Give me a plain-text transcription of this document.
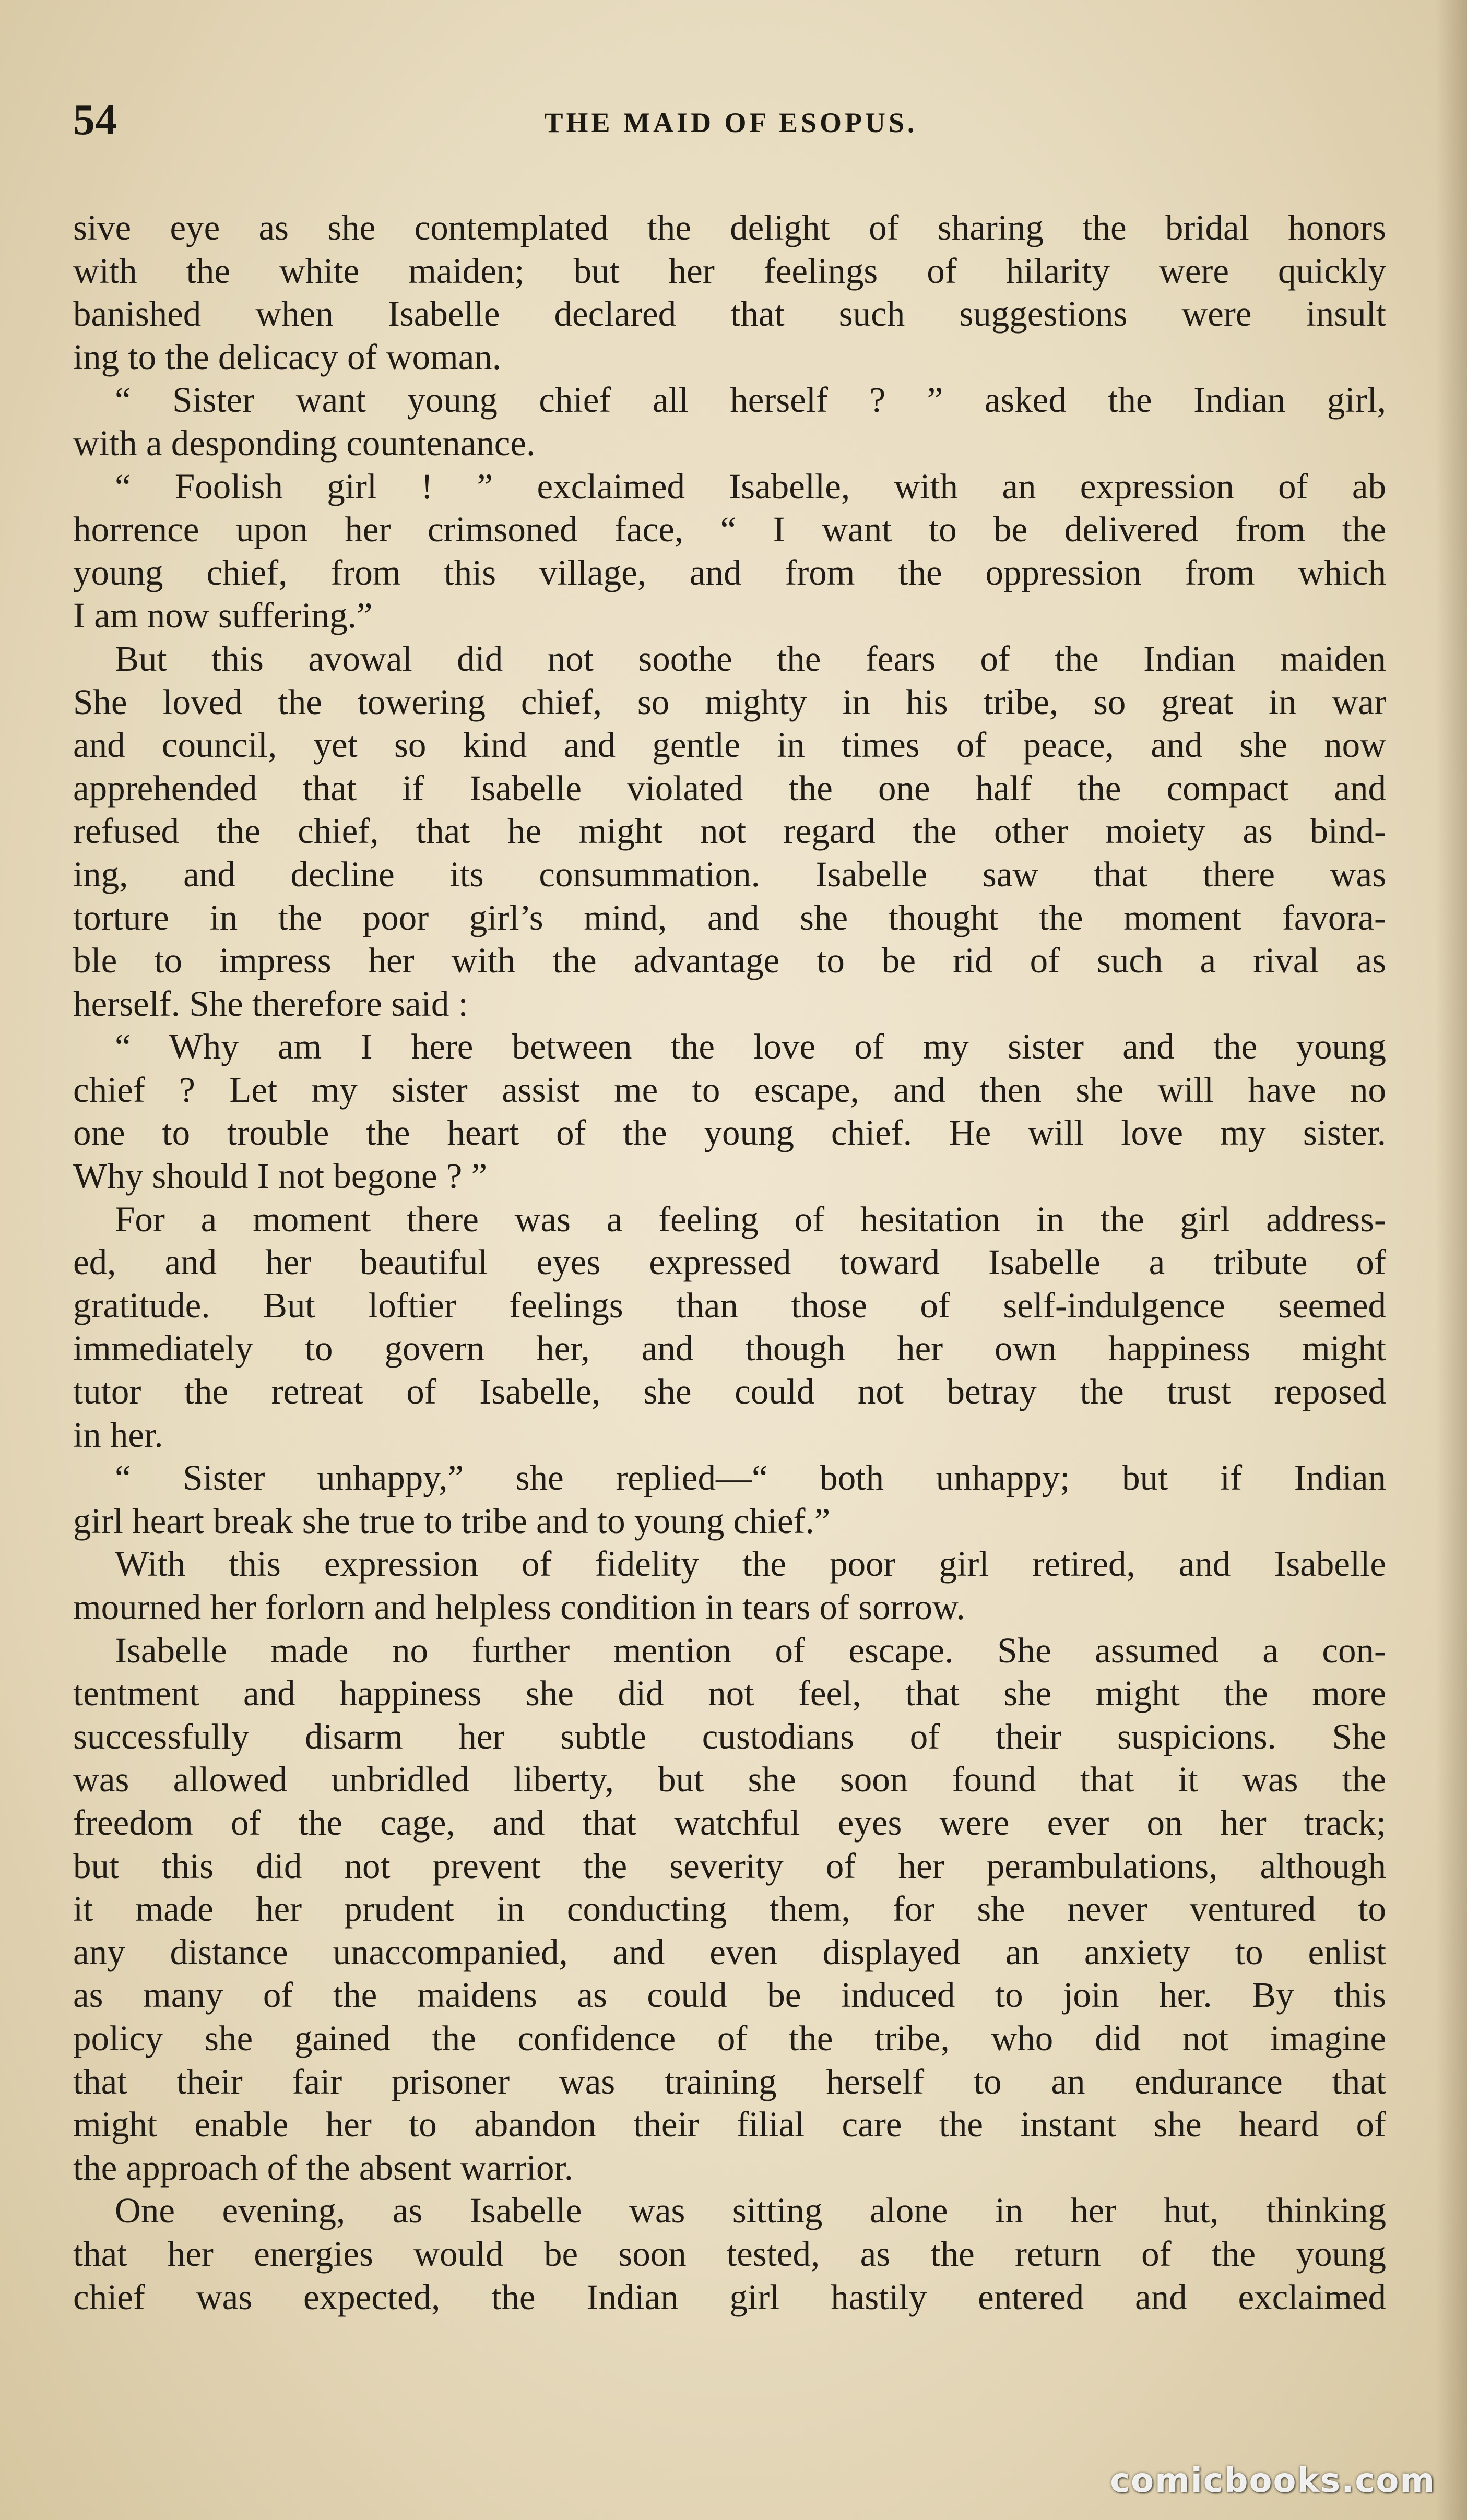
54	THE MAID OF ESOPUS.
sive eye as she contemplated the delight of sharing the bridal honors
with the white maiden; but her feelings of hilarity were quickly
banished when Isabelle declared that such suggestions were insult
ing to the delicacy of woman.
“ Sister want young chief all herself ? ” asked the Indian girl,
with a desponding countenance.
“ Foolish girl ! ” exclaimed Isabelle, with an expression of ab
horrence upon her crimsoned face, “ I want to be delivered from the
young chief, from this village, and from the oppression from which
I am now suffering.”
But this avowal did not soothe the fears of the Indian maiden
She loved the towering chief, so mighty in his tribe, so great in war
and council, yet so kind and gentle in times of peace, and she now
apprehended that if Isabelle violated the one half the compact and
refused the chief, that he might not regard the other moiety as bind-
ing, and decline its consummation. Isabelle saw that there was
torture in the poor girl’s mind, and she thought the moment favora-
ble to impress her with the advantage to be rid of such a rival as
herself. She therefore said :
“ Why am I here between the love of my sister and the young
chief ? Let my sister assist me to escape, and then she will have no
one to trouble the heart of the young chief. He will love my sister.
Why should I not begone ? ”
For a moment there was a feeling of hesitation in the girl address-
ed, and her beautiful eyes expressed toward Isabelle a tribute of
gratitude. But loftier feelings than those of self-indulgence seemed
immediately to govern her, and though her own happiness might
tutor the retreat of Isabelle, she could not betray the trust reposed
in her.
“ Sister unhappy,” she replied—“ both unhappy; but if Indian
girl heart break she true to tribe and to young chief.”
With this expression of fidelity the poor girl retired, and Isabelle
mourned her forlorn and helpless condition in tears of sorrow.
Isabelle made no further mention of escape. She assumed a con-
tentment and happiness she did not feel, that she might the more
successfully disarm her subtle custodians of their suspicions. She
was allowed unbridled liberty, but she soon found that it was the
freedom of the cage, and that watchful eyes were ever on her track;
but this did not prevent the severity of her perambulations, although
it made her prudent in conducting them, for she never ventured to
any distance unaccompanied, and even displayed an anxiety to enlist
as many of the maidens as could be induced to join her. By this
policy she gained the confidence of the tribe, who did not imagine
that their fair prisoner was training herself to an endurance that
might enable her to abandon their filial care the instant she heard of
the approach of the absent warrior.
One evening, as Isabelle was sitting alone in her hut, thinking
that her energies would be soon tested, as the return of the young
chief was expected, the Indian girl hastily entered and exclaimed
comicbooks.com
